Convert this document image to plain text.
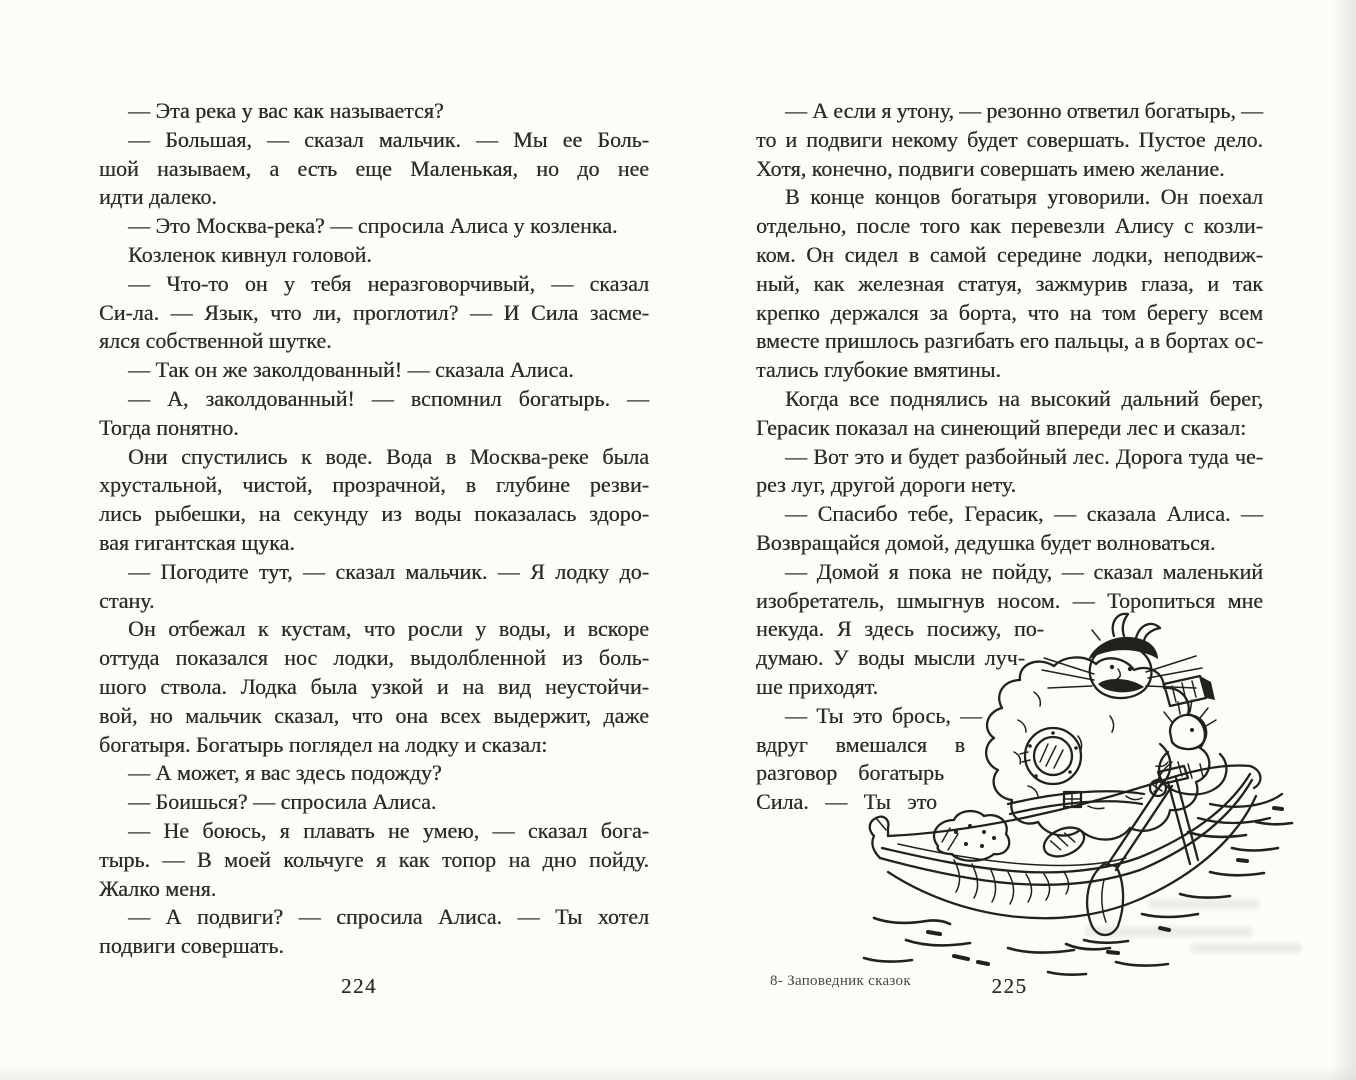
— Эта река у вас как называется?
— Большая, — сказал мальчик. — Мы ее Боль-
шой называем, а есть еще Маленькая, но до нее
идти далеко.
— Это Москва-река? — спросила Алиса у козленка.
Козленок кивнул головой.
— Что-то он у тебя неразговорчивый, — сказал
Си-ла. — Язык, что ли, проглотил? — И Сила засме-
ялся собственной шутке.
— Так он же заколдованный! — сказала Алиса.
— А, заколдованный! — вспомнил богатырь. —
Тогда понятно.
Они спустились к воде. Вода в Москва-реке была
хрустальной, чистой, прозрачной, в глубине резви-
лись рыбешки, на секунду из воды показалась здоро-
вая гигантская щука.
— Погодите тут, — сказал мальчик. — Я лодку до-
стану.
Он отбежал к кустам, что росли у воды, и вскоре
оттуда показался нос лодки, выдолбленной из боль-
шого ствола. Лодка была узкой и на вид неустойчи-
вой, но мальчик сказал, что она всех выдержит, даже
богатыря. Богатырь поглядел на лодку и сказал:
— А может, я вас здесь подожду?
— Боишься? — спросила Алиса.
— Не боюсь, я плавать не умею, — сказал бога-
тырь. — В моей кольчуге я как топор на дно пойду.
Жалко меня.
— А подвиги? — спросила Алиса. — Ты хотел
подвиги совершать.
224
— А если я утону, — резонно ответил богатырь, —
то и подвиги некому будет совершать. Пустое дело.
Хотя, конечно, подвиги совершать имею желание.
В конце концов богатыря уговорили. Он поехал
отдельно, после того как перевезли Алису с козли-
ком. Он сидел в самой середине лодки, неподвиж-
ный, как железная статуя, зажмурив глаза, и так
крепко держался за борта, что на том берегу всем
вместе пришлось разгибать его пальцы, а в бортах ос-
тались глубокие вмятины.
Когда все поднялись на высокий дальний берег,
Герасик показал на синеющий впереди лес и сказал:
— Вот это и будет разбойный лес. Дорога туда че-
рез луг, другой дороги нету.
— Спасибо тебе, Герасик, — сказала Алиса. —
Возвращайся домой, дедушка будет волноваться.
— Домой я пока не пойду, — сказал маленький
изобретатель, шмыгнув носом. — Торопиться мне
некуда. Я здесь посижу, по-
думаю. У воды мысли луч-
ше приходят.
— Ты это брось, —
вдруг вмешался в
разговор богатырь
Сила. — Ты это
8- Заповедник сказок	225
